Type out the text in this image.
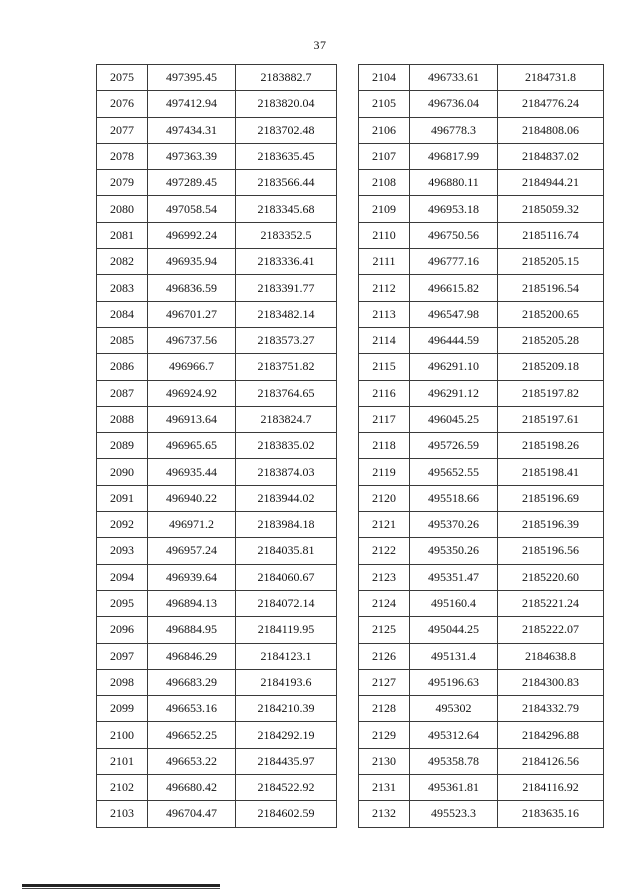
37
2075	497395.45	2183882.7
2076	497412.94	2183820.04
2077	497434.31	2183702.48
2078	497363.39	2183635.45
2079	497289.45	2183566.44
2080	497058.54	2183345.68
2081	496992.24	2183352.5
2082	496935.94	2183336.41
2083	496836.59	2183391.77
2084	496701.27	2183482.14
2085	496737.56	2183573.27
2086	496966.7	2183751.82
2087	496924.92	2183764.65
2088	496913.64	2183824.7
2089	496965.65	2183835.02
2090	496935.44	2183874.03
2091	496940.22	2183944.02
2092	496971.2	2183984.18
2093	496957.24	2184035.81
2094	496939.64	2184060.67
2095	496894.13	2184072.14
2096	496884.95	2184119.95
2097	496846.29	2184123.1
2098	496683.29	2184193.6
2099	496653.16	2184210.39
2100	496652.25	2184292.19
2101	496653.22	2184435.97
2102	496680.42	2184522.92
2103	496704.47	2184602.59
2104	496733.61	2184731.8
2105	496736.04	2184776.24
2106	496778.3	2184808.06
2107	496817.99	2184837.02
2108	496880.11	2184944.21
2109	496953.18	2185059.32
2110	496750.56	2185116.74
2111	496777.16	2185205.15
2112	496615.82	2185196.54
2113	496547.98	2185200.65
2114	496444.59	2185205.28
2115	496291.10	2185209.18
2116	496291.12	2185197.82
2117	496045.25	2185197.61
2118	495726.59	2185198.26
2119	495652.55	2185198.41
2120	495518.66	2185196.69
2121	495370.26	2185196.39
2122	495350.26	2185196.56
2123	495351.47	2185220.60
2124	495160.4	2185221.24
2125	495044.25	2185222.07
2126	495131.4	2184638.8
2127	495196.63	2184300.83
2128	495302	2184332.79
2129	495312.64	2184296.88
2130	495358.78	2184126.56
2131	495361.81	2184116.92
2132	495523.3	2183635.16
